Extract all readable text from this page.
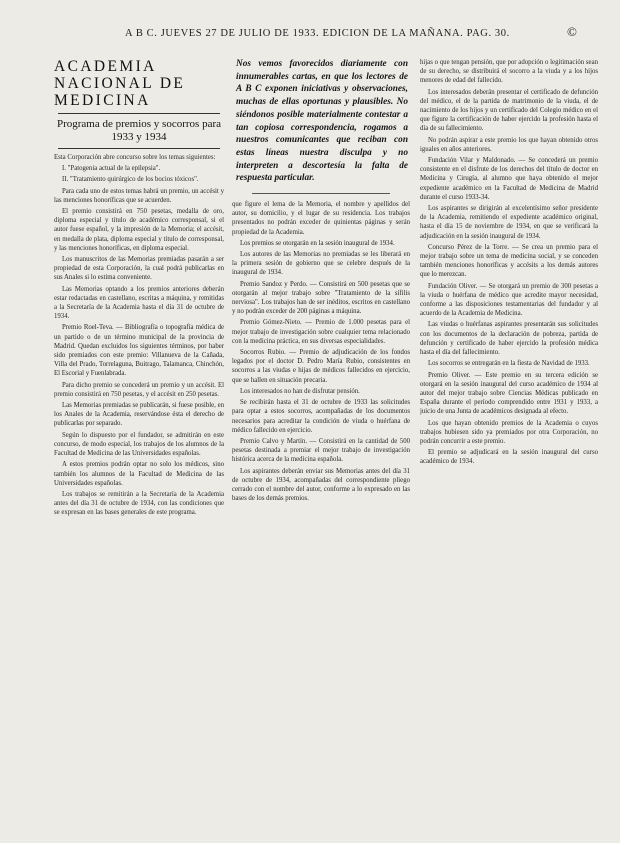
A B C. JUEVES 27 DE JULIO DE 1933. EDICION DE LA MAÑANA. PAG. 30.	©
ACADEMIA NACIONAL DE MEDICINA
Programa de premios y socorros para 1933 y 1934

Esta Corporación abre concurso sobre los temas siguientes:

I. "Patogenia actual de la epilepsia".

II. "Tratamiento quirúrgico de los bocios tóxicos".

Para cada uno de estos temas habrá un premio, un accésit y las menciones honoríficas que se acuerden.

El premio consistirá en 750 pesetas, medalla de oro, diploma especial y título de académico corresponsal, si el autor fuese español, y la impresión de la Memoria; el accésit, en medalla de plata, diploma especial y título de corresponsal, y las menciones honoríficas, en diploma especial.

Los manuscritos de las Memorias premiadas pasarán a ser propiedad de esta Corporación, la cual podrá publicarlas en sus Anales si lo estima conveniente.

Las Memorias optando a los premios anteriores deberán estar redactadas en castellano, escritas a máquina, y remitidas a la Secretaría de la Academia hasta el día 31 de octubre de 1934.

Premio Roel-Teva. — Bibliografía o topografía médica de un partido o de un término municipal de la provincia de Madrid. Quedan excluidos los siguientes términos, por haber sido premiados con este premio: Villanueva de la Cañada, Villa del Prado, Torrelaguna, Buitrago, Talamanca, Chinchón, El Escorial y Fuenlabrada.

Para dicho premio se concederá un premio y un accésit. El premio consistirá en 750 pesetas, y el accésit en 250 pesetas.

Las Memorias premiadas se publicarán, si fuese posible, en los Anales de la Academia, reservándose ésta el derecho de publicarlas por separado.

Según lo dispuesto por el fundador, se admitirán en este concurso, de modo especial, los trabajos de los alumnos de la Facultad de Medicina de las Universidades españolas.

A estos premios podrán optar no solo los médicos, sino también los alumnos de la Facultad de Medicina de las Universidades españolas.

Los trabajos se remitirán a la Secretaría de la Academia antes del día 31 de octubre de 1934, con las condiciones que se expresan en las bases generales de este programa.

Nos vemos favorecidos diariamente con innumerables cartas, en que los lectores de A B C exponen iniciativas y observaciones, muchas de ellas oportunas y plausibles. No siéndonos posible materialmente contestar a tan copiosa correspondencia, rogamos a nuestros comunicantes que reciban con estas líneas nuestra disculpa y no interpreten a descortesía la falta de respuesta particular.

que figure el lema de la Memoria, el nombre y apellidos del autor, su domicilio, y el lugar de su residencia. Los trabajos presentados no podrán exceder de quinientas páginas y serán propiedad de la Academia.

Los premios se otorgarán en la sesión inaugural de 1934.

Los autores de las Memorias no premiadas se les liberará en la primera sesión de gobierno que se celebre después de la inaugural de 1934.

Premio Sandoz y Perdo. — Consistirá en 500 pesetas que se otorgarán al mejor trabajo sobre "Tratamiento de la sífilis nerviosa". Los trabajos han de ser inéditos, escritos en castellano y no podrán exceder de 200 páginas a máquina.

Premio Gómez-Nieto. — Premio de 1.000 pesetas para el mejor trabajo de investigación sobre cualquier tema relacionado con la medicina práctica, en sus diversas especialidades.

Socorros Rubio. — Premio de adjudicación de los fondos legados por el doctor D. Pedro María Rubio, consistentes en socorros a las viudas e hijas de médicos fallecidos en ejercicio, que se hallen en situación precaria.

Los interesados no han de disfrutar pensión.

Se recibirán hasta el 31 de octubre de 1933 las solicitudes para optar a estos socorros, acompañadas de los documentos necesarios para acreditar la condición de viuda o huérfana de médico fallecido en ejercicio.

Premio Calvo y Martín. — Consistirá en la cantidad de 500 pesetas destinada a premiar el mejor trabajo de investigación histórica acerca de la medicina española.

Los aspirantes deberán enviar sus Memorias antes del día 31 de octubre de 1934, acompañadas del correspondiente pliego cerrado con el nombre del autor, conforme a lo expresado en las bases de los demás premios.

hijas o que tengan pensión, que por adopción o legitimación sean de su derecho, se distribuirá el socorro a la viuda y a los hijos menores de edad del fallecido.

Los interesados deberán presentar el certificado de defunción del médico, el de la partida de matrimonio de la viuda, el de nacimiento de los hijos y un certificado del Colegio médico en el que figure la certificación de haber ejercido la profesión hasta el día de su fallecimiento.

No podrán aspirar a este premio los que hayan obtenido otros iguales en años anteriores.

Fundación Vilar y Maldonado. — Se concederá un premio consistente en el disfrute de los derechos del título de doctor en Medicina y Cirugía, al alumno que haya obtenido el mejor expediente académico en la Facultad de Medicina de Madrid durante el curso 1933-34.

Los aspirantes se dirigirán al excelentísimo señor presidente de la Academia, remitiendo el expediente académico original, hasta el día 15 de noviembre de 1934, en que se verificará la adjudicación en la sesión inaugural de 1934.

Concurso Pérez de la Torre. — Se crea un premio para el mejor trabajo sobre un tema de medicina social, y se conceden también menciones honoríficas y accésits a los demás autores que lo merezcan.

Fundación Oliver. — Se otorgará un premio de 300 pesetas a la viuda o huérfana de médico que acredite mayor necesidad, conforme a las disposiciones testamentarias del fundador y al acuerdo de la Academia de Medicina.

Las viudas o huérfanas aspirantes presentarán sus solicitudes con los documentos de la declaración de pobreza, partida de defunción y certificado de haber ejercido la profesión médica hasta el día del fallecimiento.

Los socorros se entregarán en la fiesta de Navidad de 1933.

Premio Oliver. — Este premio en su tercera edición se otorgará en la sesión inaugural del curso académico de 1934 al autor del mejor trabajo sobre Ciencias Médicas publicado en España durante el período comprendido entre 1931 y 1933, a juicio de una Junta de académicos designada al efecto.

Los que hayan obtenido premios de la Academia o cuyos trabajos hubiesen sido ya premiados por otra Corporación, no podrán concurrir a este premio.

El premio se adjudicará en la sesión inaugural del curso académico de 1934.
